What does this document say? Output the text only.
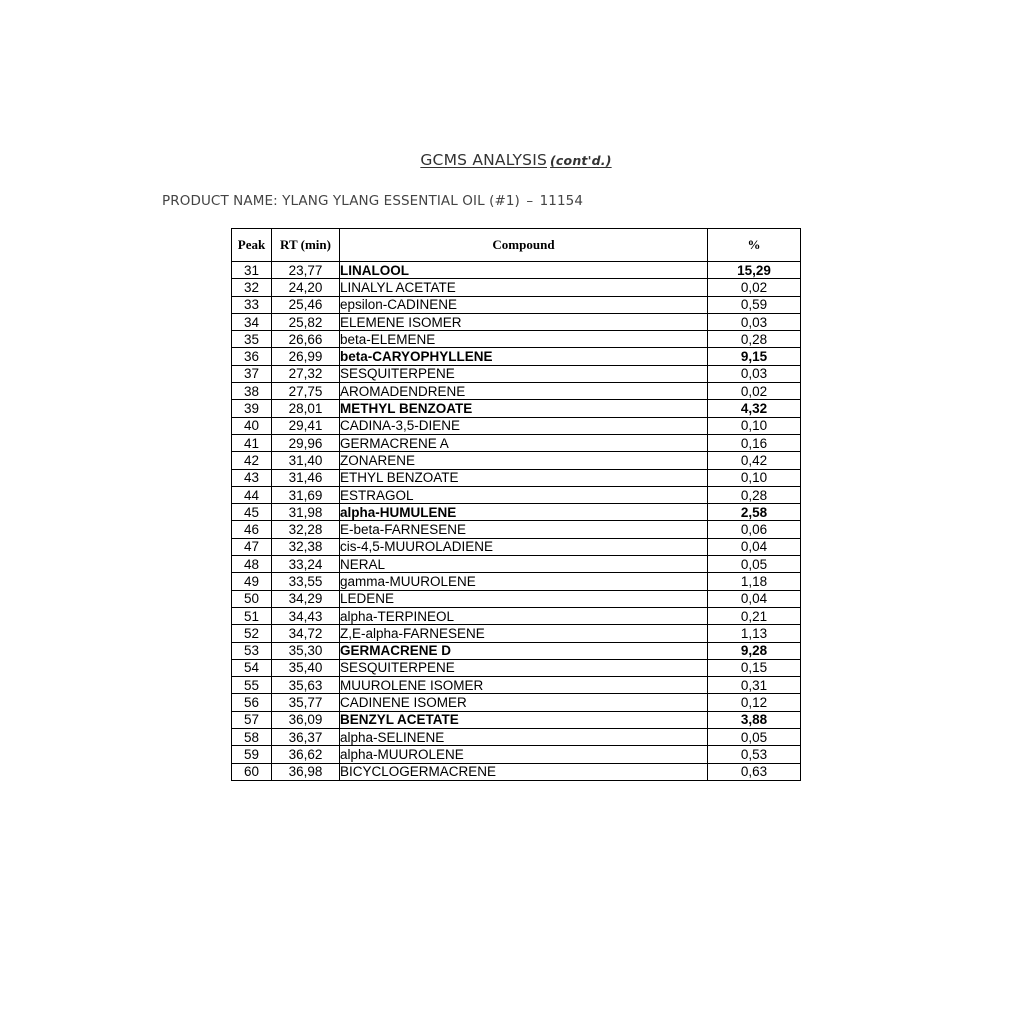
GCMS ANALYSIS (cont'd.)
PRODUCT NAME: YLANG YLANG ESSENTIAL OIL (#1) – 11154
Peak	RT (min)	Compound	%
31	23,77	LINALOOL	15,29
32	24,20	LINALYL ACETATE	0,02
33	25,46	epsilon-CADINENE	0,59
34	25,82	ELEMENE ISOMER	0,03
35	26,66	beta-ELEMENE	0,28
36	26,99	beta-CARYOPHYLLENE	9,15
37	27,32	SESQUITERPENE	0,03
38	27,75	AROMADENDRENE	0,02
39	28,01	METHYL BENZOATE	4,32
40	29,41	CADINA-3,5-DIENE	0,10
41	29,96	GERMACRENE A	0,16
42	31,40	ZONARENE	0,42
43	31,46	ETHYL BENZOATE	0,10
44	31,69	ESTRAGOL	0,28
45	31,98	alpha-HUMULENE	2,58
46	32,28	E-beta-FARNESENE	0,06
47	32,38	cis-4,5-MUUROLADIENE	0,04
48	33,24	NERAL	0,05
49	33,55	gamma-MUUROLENE	1,18
50	34,29	LEDENE	0,04
51	34,43	alpha-TERPINEOL	0,21
52	34,72	Z,E-alpha-FARNESENE	1,13
53	35,30	GERMACRENE D	9,28
54	35,40	SESQUITERPENE	0,15
55	35,63	MUUROLENE ISOMER	0,31
56	35,77	CADINENE ISOMER	0,12
57	36,09	BENZYL ACETATE	3,88
58	36,37	alpha-SELINENE	0,05
59	36,62	alpha-MUUROLENE	0,53
60	36,98	BICYCLOGERMACRENE	0,63
